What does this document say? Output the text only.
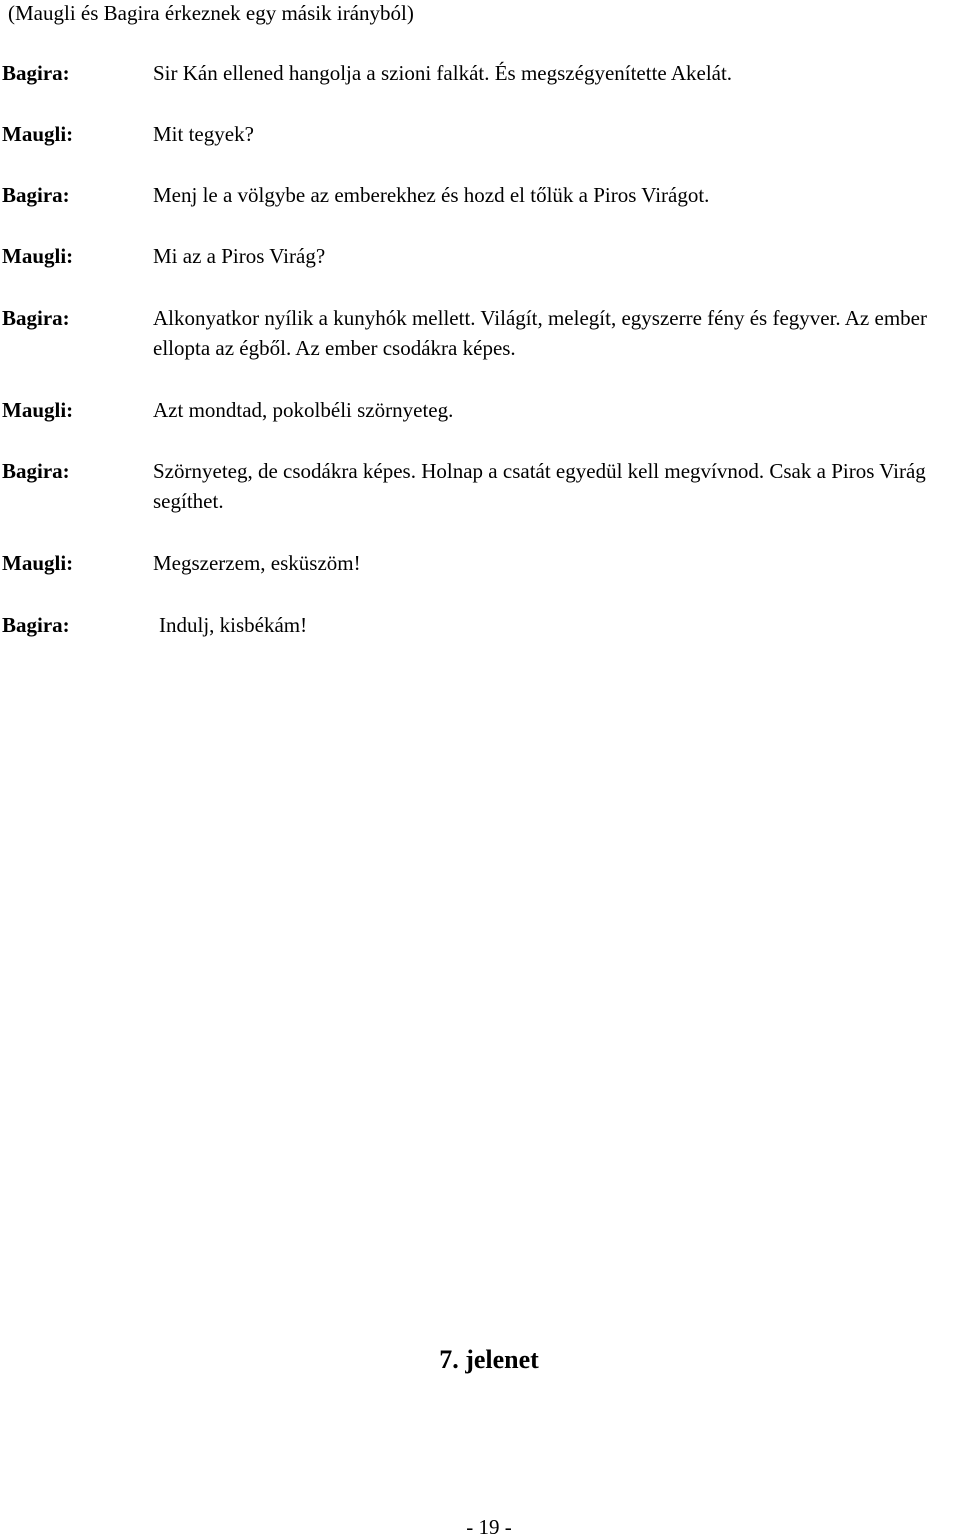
(Maugli és Bagira érkeznek egy másik irányból)
Bagira:	Sir Kán ellened hangolja a szioni falkát. És megszégyenítette Akelát.
Maugli:	Mit tegyek?
Bagira:	Menj le a völgybe az emberekhez és hozd el tőlük a Piros Virágot.
Maugli:	Mi az a Piros Virág?
Bagira:	Alkonyatkor nyílik a kunyhók mellett. Világít, melegít, egyszerre fény és fegyver. Az ember ellopta az égből. Az ember csodákra képes.
Maugli:	Azt mondtad, pokolbéli szörnyeteg.
Bagira:	Szörnyeteg, de csodákra képes. Holnap a csatát egyedül kell megvívnod. Csak a Piros Virág segíthet.
Maugli:	Megszerzem, esküszöm!
Bagira:	Indulj, kisbékám!
7. jelenet
- 19 -
